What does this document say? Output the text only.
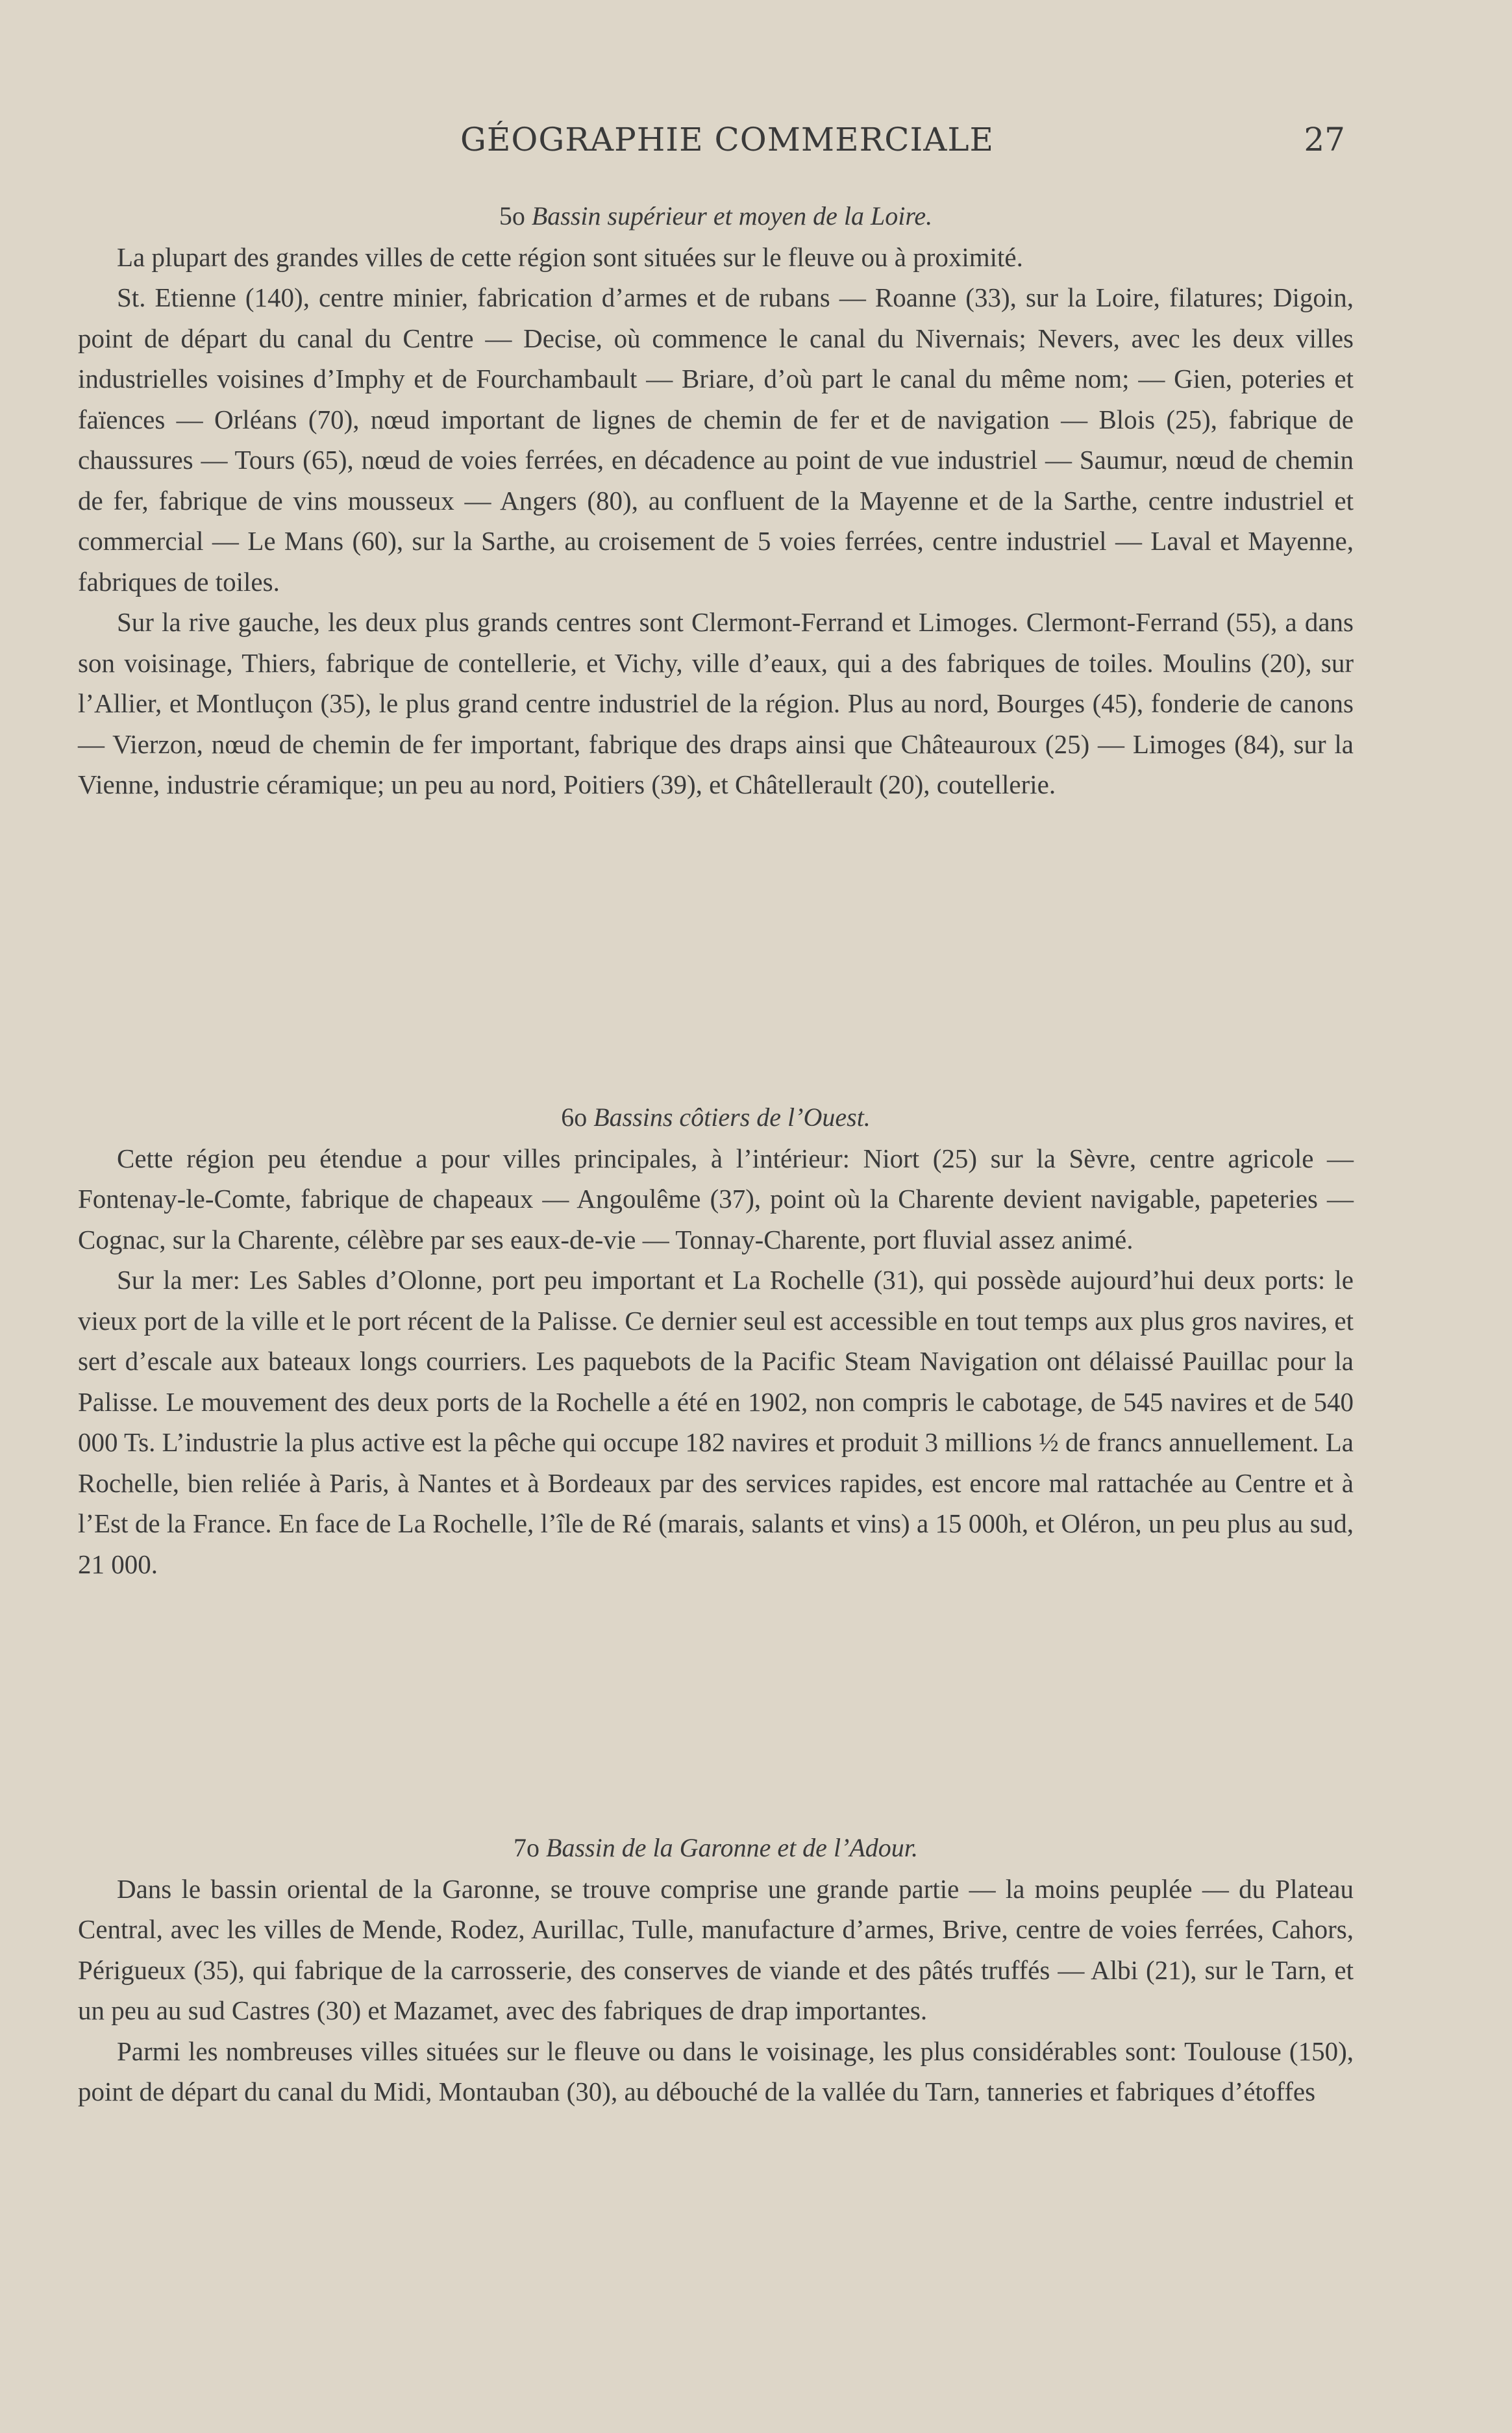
GÉOGRAPHIE COMMERCIALE	27

5o Bassin supérieur et moyen de la Loire.

La plupart des grandes villes de cette région sont situées sur le fleuve ou à proximité.

St. Etienne (140), centre minier, fabrication d’armes et de rubans — Roanne (33), sur la Loire, filatures; Digoin, point de départ du canal du Centre — Decise, où commence le canal du Nivernais; Nevers, avec les deux villes industrielles voisines d’Imphy et de Fourchambault — Briare, d’où part le canal du même nom; — Gien, poteries et faïences — Orléans (70), nœud important de lignes de chemin de fer et de navigation — Blois (25), fabrique de chaussures — Tours (65), nœud de voies ferrées, en décadence au point de vue industriel — Saumur, nœud de chemin de fer, fabrique de vins mousseux — Angers (80), au confluent de la Mayenne et de la Sarthe, centre industriel et commercial — Le Mans (60), sur la Sarthe, au croisement de 5 voies ferrées, centre industriel — Laval et Mayenne, fabriques de toiles.

Sur la rive gauche, les deux plus grands centres sont Clermont-Ferrand et Limoges. Clermont-Ferrand (55), a dans son voisinage, Thiers, fabrique de contellerie, et Vichy, ville d’eaux, qui a des fabriques de toiles. Moulins (20), sur l’Allier, et Montluçon (35), le plus grand centre industriel de la région. Plus au nord, Bourges (45), fonderie de canons — Vierzon, nœud de chemin de fer important, fabrique des draps ainsi que Châteauroux (25) — Limoges (84), sur la Vienne, industrie céramique; un peu au nord, Poitiers (39), et Châtellerault (20), coutellerie.

6o Bassins côtiers de l’Ouest.

Cette région peu étendue a pour villes principales, à l’intérieur: Niort (25) sur la Sèvre, centre agricole — Fontenay-le-Comte, fabrique de chapeaux — Angoulême (37), point où la Charente devient navigable, papeteries — Cognac, sur la Charente, célèbre par ses eaux-de-vie — Tonnay-Charente, port fluvial assez animé.

Sur la mer: Les Sables d’Olonne, port peu important et La Rochelle (31), qui possède aujourd’hui deux ports: le vieux port de la ville et le port récent de la Palisse. Ce dernier seul est accessible en tout temps aux plus gros navires, et sert d’escale aux bateaux longs courriers. Les paquebots de la Pacific Steam Navigation ont délaissé Pauillac pour la Palisse. Le mouvement des deux ports de la Rochelle a été en 1902, non compris le cabotage, de 545 navires et de 540 000 Ts. L’industrie la plus active est la pêche qui occupe 182 navires et produit 3 millions ½ de francs annuellement. La Rochelle, bien reliée à Paris, à Nantes et à Bordeaux par des services rapides, est encore mal rattachée au Centre et à l’Est de la France. En face de La Rochelle, l’île de Ré (marais, salants et vins) a 15 000h, et Oléron, un peu plus au sud, 21 000.

7o Bassin de la Garonne et de l’Adour.

Dans le bassin oriental de la Garonne, se trouve comprise une grande partie — la moins peuplée — du Plateau Central, avec les villes de Mende, Rodez, Aurillac, Tulle, manufacture d’armes, Brive, centre de voies ferrées, Cahors, Périgueux (35), qui fabrique de la carrosserie, des conserves de viande et des pâtés truffés — Albi (21), sur le Tarn, et un peu au sud Castres (30) et Mazamet, avec des fabriques de drap importantes.

Parmi les nombreuses villes situées sur le fleuve ou dans le voisinage, les plus considérables sont: Toulouse (150), point de départ du canal du Midi, Montauban (30), au débouché de la vallée du Tarn, tanneries et fabriques d’étoffes
